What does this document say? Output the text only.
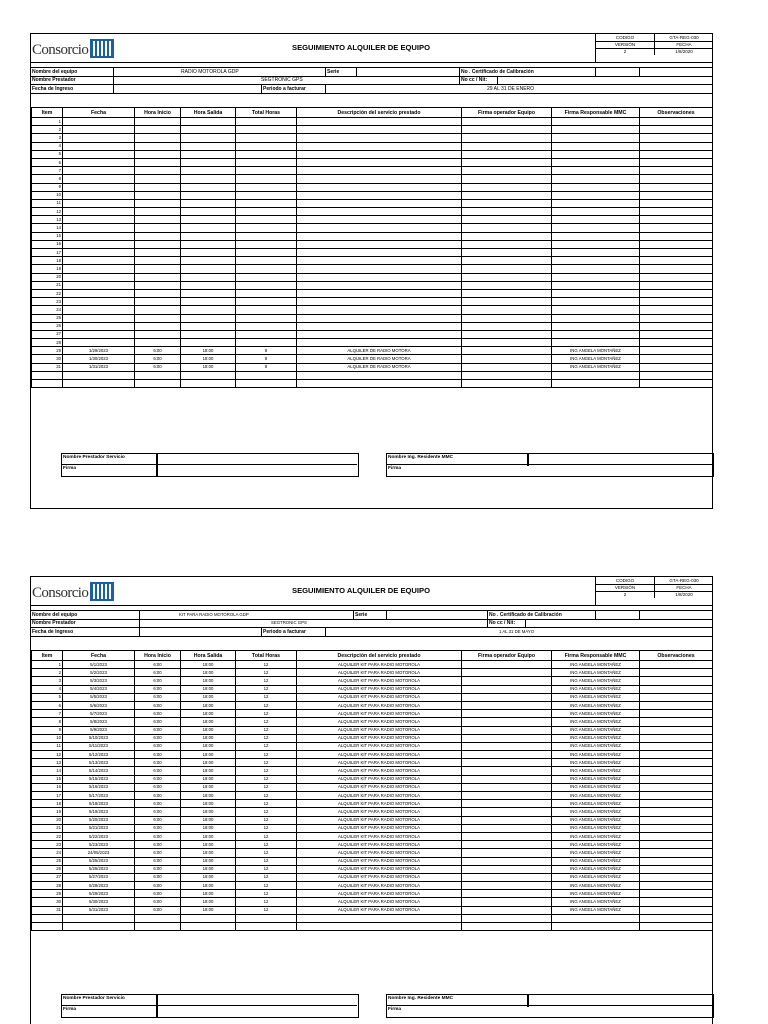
Consorcio	SEGUIMIENTO ALQUILER DE EQUIPO
CODIGO	GTA-REG-030
VERSIÓN	FECHA
2	1/8/2020
Nombre del equipo	RADIO MOTOROLA GDP	Serie	No . Certificado de Calibración
Nombre Prestador	SEGTRONIC GPS	No cc / Nit:
Fecha de Ingreso	Periodo a facturar	29 AL 31 DE ENERO
Item	Fecha	Hora Inicio	Hora Salida	Total Horas	Descripción del servicio prestado	Firma operador Equipo	Firma Responsable MMC	Observaciones
1								
2								
3								
4								
5								
6								
7								
8								
9								
10								
11								
12								
13								
14								
15								
16								
17								
18								
19								
20								
21								
22								
23								
24								
25								
26								
27								
28								
29	1/29/2023	6:00	18:00	8	ALQUILER DE RADIO MOTORA		ING ANGELA MONTAÑEZ	
30	1/30/2023	6:00	18:00	8	ALQUILER DE RADIO MOTORA		ING ANGELA MONTAÑEZ	
31	1/31/2023	6:00	18:00	8	ALQUILER DE RADIO MOTORA		ING ANGELA MONTAÑEZ	

Nombre Prestador Servicio
Firma
Nombre Ing. Residente MMC
Firma
Consorcio	SEGUIMIENTO ALQUILER DE EQUIPO
CODIGO	GTA-REG-030
VERSIÓN	FECHA
2	1/8/2020
Nombre del equipo	KIT PARA RADIO MOTOROLA GDP	Serie	No . Certificado de Calibración
Nombre Prestador	SEGTRONIC GPS	No cc / Nit:
Fecha de Ingreso	Periodo a facturar	1 AL 31 DE MAYO
Item	Fecha	Hora Inicio	Hora Salida	Total Horas	Descripción del servicio prestado	Firma operador Equipo	Firma Responsable MMC	Observaciones
1	5/1/2023	6:00	18:00	12	ALQUILER KIT PARA RADIO MOTOROLA		ING ANGELA MONTAÑEZ	
2	5/2/2023	6:00	18:00	12	ALQUILER KIT PARA RADIO MOTOROLA		ING ANGELA MONTAÑEZ	
3	5/3/2023	6:00	18:00	12	ALQUILER KIT PARA RADIO MOTOROLA		ING ANGELA MONTAÑEZ	
4	5/4/2023	6:00	18:00	12	ALQUILER KIT PARA RADIO MOTOROLA		ING ANGELA MONTAÑEZ	
5	5/5/2023	6:00	18:00	12	ALQUILER KIT PARA RADIO MOTOROLA		ING ANGELA MONTAÑEZ	
6	5/6/2023	6:00	18:00	12	ALQUILER KIT PARA RADIO MOTOROLA		ING ANGELA MONTAÑEZ	
7	5/7/2023	6:00	18:00	12	ALQUILER KIT PARA RADIO MOTOROLA		ING ANGELA MONTAÑEZ	
8	5/8/2023	6:00	18:00	12	ALQUILER KIT PARA RADIO MOTOROLA		ING ANGELA MONTAÑEZ	
9	5/9/2023	6:00	18:00	12	ALQUILER KIT PARA RADIO MOTOROLA		ING ANGELA MONTAÑEZ	
10	5/10/2023	6:00	18:00	12	ALQUILER KIT PARA RADIO MOTOROLA		ING ANGELA MONTAÑEZ	
11	5/11/2023	6:00	18:00	12	ALQUILER KIT PARA RADIO MOTOROLA		ING ANGELA MONTAÑEZ	
12	5/12/2023	6:00	18:00	12	ALQUILER KIT PARA RADIO MOTOROLA		ING ANGELA MONTAÑEZ	
13	5/13/2023	6:00	18:00	12	ALQUILER KIT PARA RADIO MOTOROLA		ING ANGELA MONTAÑEZ	
14	5/14/2023	6:00	18:00	12	ALQUILER KIT PARA RADIO MOTOROLA		ING ANGELA MONTAÑEZ	
15	5/15/2023	6:00	18:00	12	ALQUILER KIT PARA RADIO MOTOROLA		ING ANGELA MONTAÑEZ	
16	5/16/2023	6:00	18:00	12	ALQUILER KIT PARA RADIO MOTOROLA		ING ANGELA MONTAÑEZ	
17	5/17/2023	6:00	18:00	12	ALQUILER KIT PARA RADIO MOTOROLA		ING ANGELA MONTAÑEZ	
18	5/18/2023	6:00	18:00	12	ALQUILER KIT PARA RADIO MOTOROLA		ING ANGELA MONTAÑEZ	
19	5/19/2023	6:00	18:00	12	ALQUILER KIT PARA RADIO MOTOROLA		ING ANGELA MONTAÑEZ	
20	5/20/2023	6:00	18:00	12	ALQUILER KIT PARA RADIO MOTOROLA		ING ANGELA MONTAÑEZ	
21	5/21/2023	6:00	18:00	12	ALQUILER KIT PARA RADIO MOTOROLA		ING ANGELA MONTAÑEZ	
22	5/22/2023	6:00	18:00	12	ALQUILER KIT PARA RADIO MOTOROLA		ING ANGELA MONTAÑEZ	
23	5/23/2023	6:00	18:00	12	ALQUILER KIT PARA RADIO MOTOROLA		ING ANGELA MONTAÑEZ	
24	24/05/2023	6:00	18:00	12	ALQUILER KIT PARA RADIO MOTOROLA		ING ANGELA MONTAÑEZ	
25	5/25/2023	6:00	18:00	12	ALQUILER KIT PARA RADIO MOTOROLA		ING ANGELA MONTAÑEZ	
26	5/26/2023	6:00	18:00	12	ALQUILER KIT PARA RADIO MOTOROLA		ING ANGELA MONTAÑEZ	
27	5/27/2023	6:00	18:00	12	ALQUILER KIT PARA RADIO MOTOROLA		ING ANGELA MONTAÑEZ	
28	5/28/2023	6:00	18:00	12	ALQUILER KIT PARA RADIO MOTOROLA		ING ANGELA MONTAÑEZ	
29	5/29/2023	6:00	18:00	12	ALQUILER KIT PARA RADIO MOTOROLA		ING ANGELA MONTAÑEZ	
30	5/30/2023	6:00	18:00	12	ALQUILER KIT PARA RADIO MOTOROLA		ING ANGELA MONTAÑEZ	
31	5/31/2023	6:00	18:00	12	ALQUILER KIT PARA RADIO MOTOROLA		ING ANGELA MONTAÑEZ	

Nombre Prestador Servicio
Firma
Nombre Ing. Residente MMC
Firma
